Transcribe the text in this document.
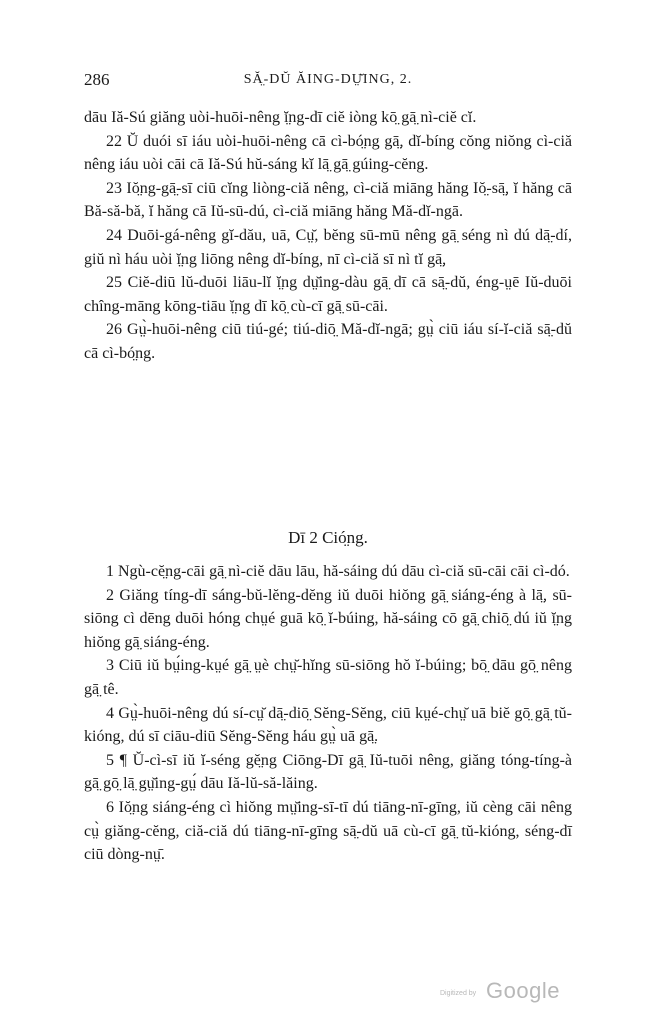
286	SĂ̤-DŬ ĂING-DṲ̆ING, 2.

dāu Iă-Sú giăng uòi-huōi-nêng ĭ̤ng-dī ciĕ iòng kō̤ gā̤ nì-ciĕ cĭ.

22 Ŭ duói sī iáu uòi-huōi-nêng cā cì-bó̤ng gā̤, dĭ-bíng cŏng niŏng cì-ciă nêng iáu uòi cāi cā Iă-Sú hŭ-sáng kĭ lā̤ gā̤ gúing-cĕng.

23 Iŏ̤ng-gā̤-sī ciū cĭng liòng-ciă nêng, cì-ciă miāng hăng Iŏ̤-sā̤, ĭ hăng cā Bă-să-bă, ĭ hăng cā Iŭ-sū-dú, cì-ciă miāng hăng Mă-dĭ-ngā.

24 Duōi-gá-nêng gĭ-dău, uā, Cṳ̆, bĕng sū-mū nêng gā̤ séng nì dú dā̤-dí, giŭ nì háu uòi ĭ̤ng liōng nêng dĭ-bíng, nī cì-ciă sī nì tĭ gā̤,

25 Ciĕ-diū lŭ-duōi liāu-lĭ ĭ̤ng dṳ̆ing-dàu gā̤ dī cā sā̤-dŭ, éng-ṳē Iŭ-duōi chîng-māng kōng-tiāu ĭ̤ng dī kō̤ cù-cī gā̤ sū-cāi.

26 Gṳ̀-huōi-nêng ciū tiú-gé; tiú-diō̤ Mă-dĭ-ngā; gṳ̀ ciū iáu sí-ĭ-ciă sā̤-dŭ cā cì-bó̤ng.

Dī 2 Ció̤ng.

1 Ngù-cĕ̤ng-cāi gā̤ nì-ciĕ dāu lāu, hă-sáing dú dāu cì-ciă sū-cāi cāi cì-dó.

2 Giăng tíng-dī sáng-bŭ-lĕng-dĕng iŭ duōi hiŏng gā̤ siáng-éng à lā̤, sū-siōng cì dēng duōi hóng chṳé guā kō̤ ĭ-búing, hă-sáing cō gā̤ chiō̤ dú iŭ ĭ̤ng hiŏng gā̤ siáng-éng.

3 Ciū iŭ bṳ́ing-kṳé gā̤ ṳè chṳ̆-hĭng sū-siōng hŏ ĭ-búing; bō̤ dāu gō̤ nêng gā̤ tê.

4 Gṳ̀-huōi-nêng dú sí-cṳ̆ dā̤-diō̤ Sĕng-Sĕng, ciū kṳé-chṳ̆ uā biĕ gō̤ gā̤ tŭ-kióng, dú sī ciāu-diū Sĕng-Sĕng háu gṳ̀ uā gā̤.

5 ¶ Ŭ-cì-sī iŭ ĭ-séng gĕ̤ng Ciōng-Dī gā̤ Iŭ-tuōi nêng, giăng tóng-tíng-à gā̤ gō̤ lā̤ gṳ̆ing-gṳ́ dāu Iă-lŭ-să-lăing.

6 Iŏ̤ng siáng-éng cì hiŏng mṳ̆ing-sī-tī dú tiāng-nī-gīng, iŭ cèng cāi nêng cṳ̀ giăng-cĕng, ciă-ciă dú tiāng-nī-gīng sā̤-dŭ uā cù-cī gā̤ tŭ-kióng, séng-dī ciū dòng-nṳ̄.

Digitized by Google
